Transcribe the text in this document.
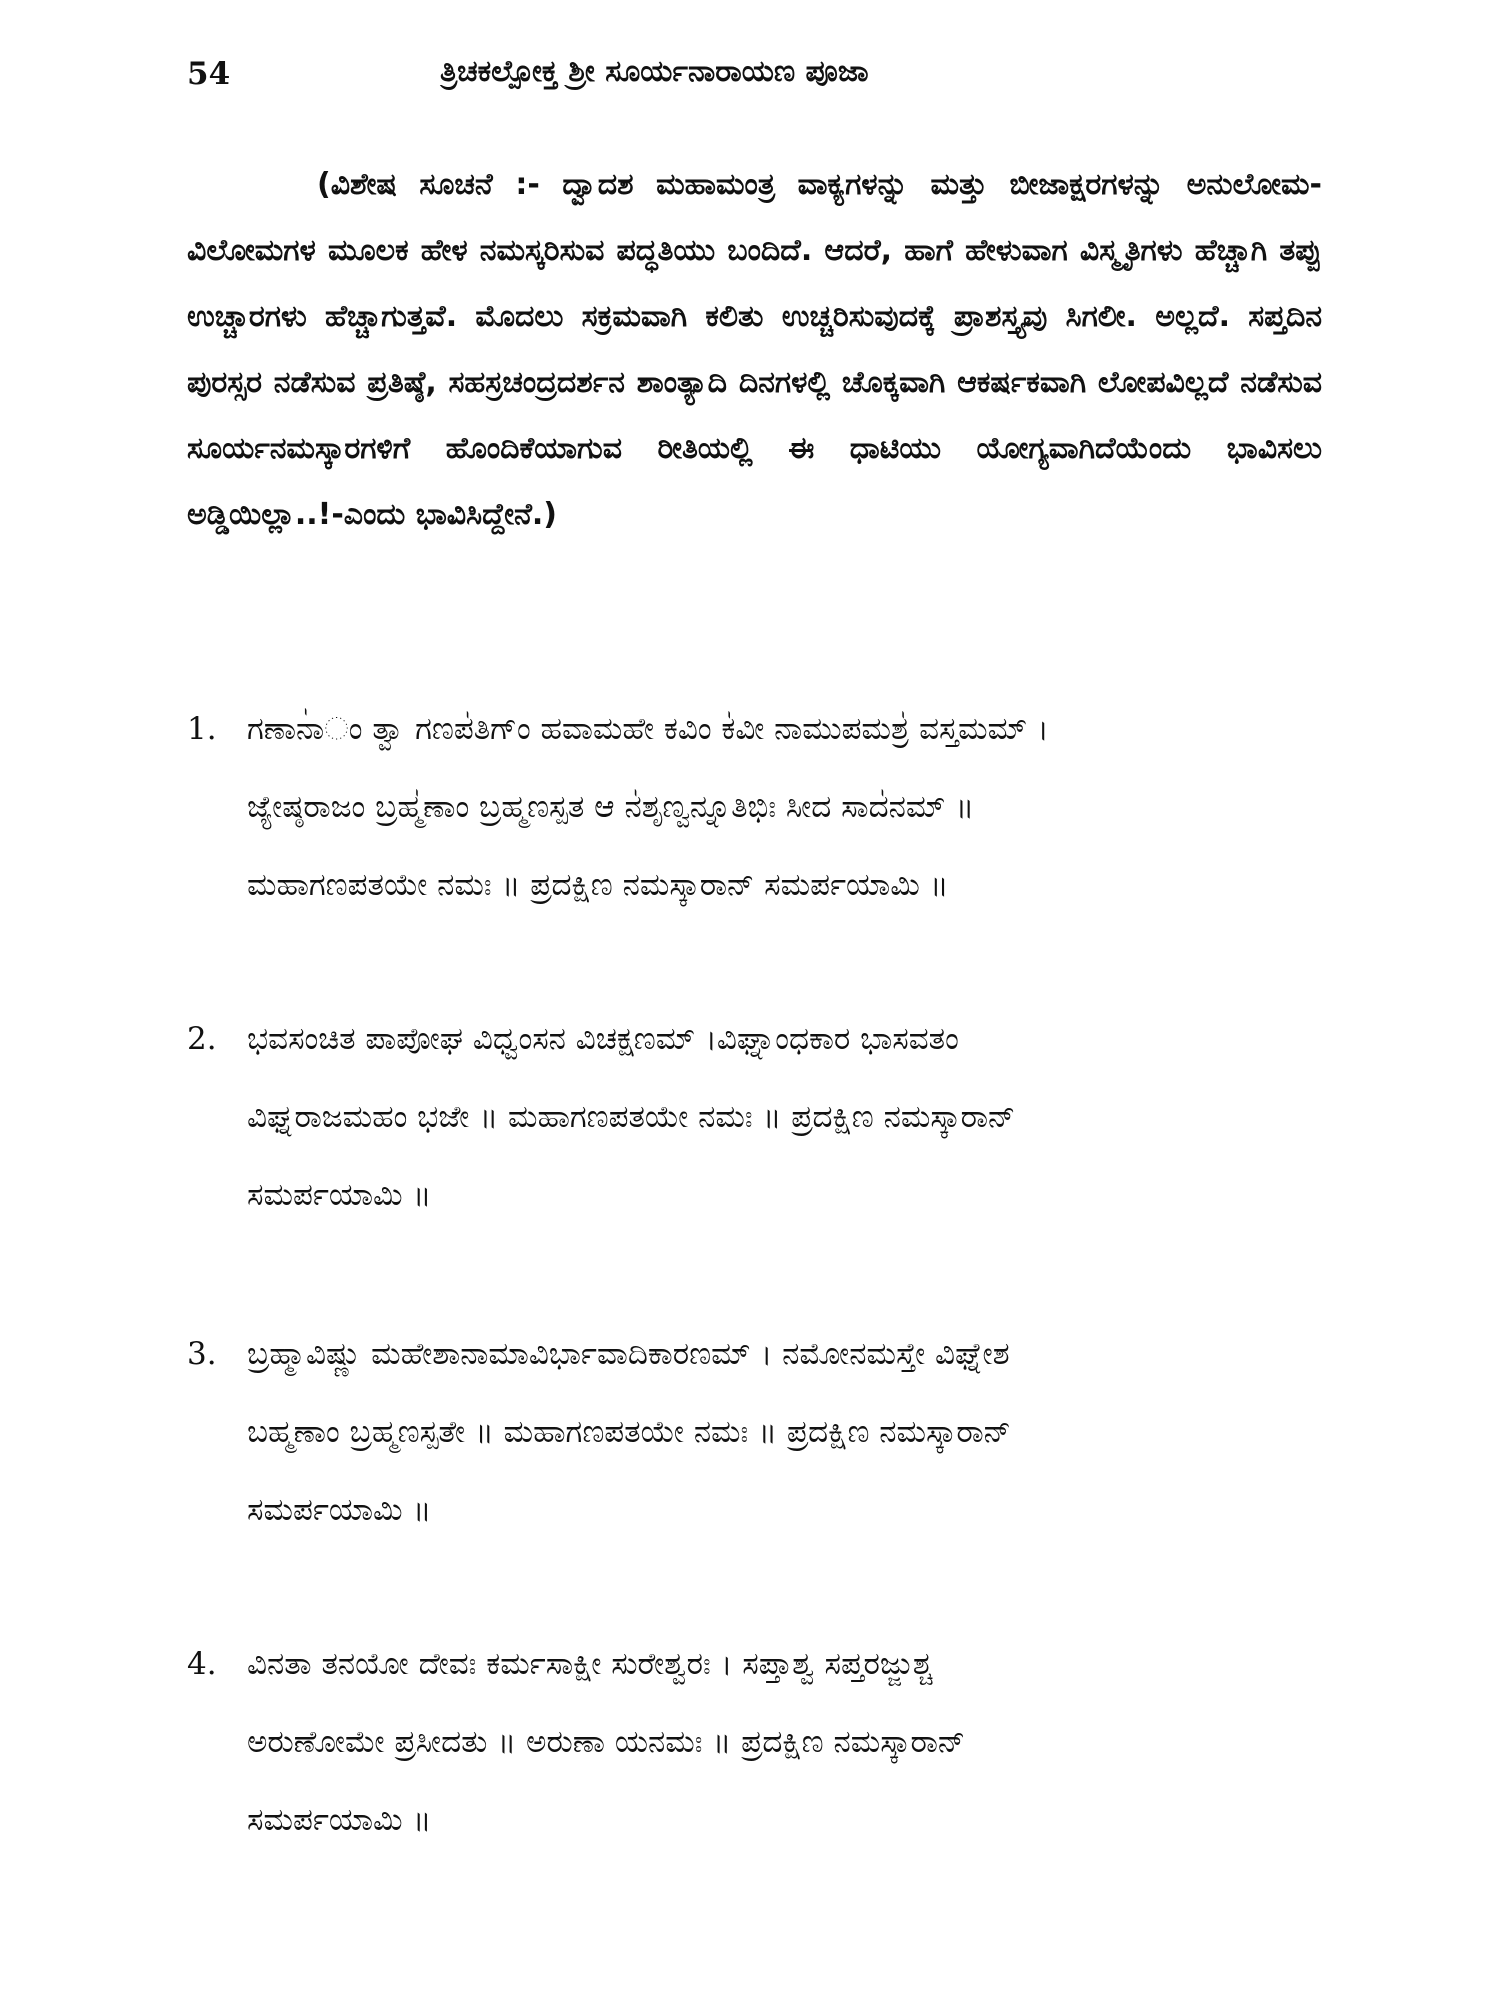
54	ತ್ರಿಚಕಲ್ಪೋಕ್ತ ಶ್ರೀ ಸೂರ್ಯನಾರಾಯಣ ಪೂಜಾ

(ವಿಶೇಷ ಸೂಚನೆ :- ದ್ವಾದಶ ಮಹಾಮಂತ್ರ ವಾಕ್ಯಗಳನ್ನು ಮತ್ತು ಬೀಜಾಕ್ಷರಗಳನ್ನು ಅನುಲೋಮ-ವಿಲೋಮಗಳ ಮೂಲಕ ಹೇಳ ನಮಸ್ಕರಿಸುವ ಪದ್ಧತಿಯು ಬಂದಿದೆ. ಆದರೆ, ಹಾಗೆ ಹೇಳುವಾಗ ವಿಸ್ಮೃತಿಗಳು ಹೆಚ್ಚಾಗಿ ತಪ್ಪು ಉಚ್ಚಾರಗಳು ಹೆಚ್ಚಾಗುತ್ತವೆ. ಮೊದಲು ಸಕ್ರಮವಾಗಿ ಕಲಿತು ಉಚ್ಚರಿಸುವುದಕ್ಕೆ ಪ್ರಾಶಸ್ತ್ಯವು ಸಿಗಲೀ. ಅಲ್ಲದೆ. ಸಪ್ತದಿನ ಪುರಸ್ಸರ ನಡೆಸುವ ಪ್ರತಿಷ್ಠೆ, ಸಹಸ್ರಚಂದ್ರದರ್ಶನ ಶಾಂತ್ಯಾದಿ ದಿನಗಳಲ್ಲಿ ಚೊಕ್ಕವಾಗಿ ಆಕರ್ಷಕವಾಗಿ ಲೋಪವಿಲ್ಲದೆ ನಡೆಸುವ ಸೂರ್ಯನಮಸ್ಕಾರಗಳಿಗೆ ಹೊಂದಿಕೆಯಾಗುವ ರೀತಿಯಲ್ಲಿ ಈ ಧಾಟಿಯು ಯೋಗ್ಯವಾಗಿದೆಯೆಂದು ಭಾವಿಸಲು ಅಡ್ಡಿಯಿಲ್ಲಾ..!-ಎಂದು ಭಾವಿಸಿದ್ದೇನೆ.)

1. ಗಣಾನಾ॑ಂ ತ್ವಾ ಗಣಪ॑ತಿಗ್ಂ ಹವಾಮಹೇ ಕವಿಂ ಕ॑ವೀ ನಾಮುಪಮಶ್ರ॑ ವಸ್ತಮಮ್ ।
ಜ್ಯೇಷ್ಠರಾಜಂ ಬ್ರಹ್ಮ॑ಣಾಂ ಬ್ರಹ್ಮಣಸ್ಪತ ಆ ನ॑ಶೃಣ್ವನ್ನೂತಿಭಿಃ ಸೀದ ಸಾದ॑ನಮ್ ॥
ಮಹಾಗಣಪತಯೇ ನಮಃ ॥ ಪ್ರದಕ್ಷಿಣ ನಮಸ್ಕಾರಾನ್ ಸಮರ್ಪಯಾಮಿ ॥
2. ಭವಸಂಚಿತ ಪಾಪೋಘ ವಿಧ್ವಂಸನ ವಿಚಕ್ಷಣಮ್ ।ವಿಘ್ನಾಂಧಕಾರ ಭಾಸವತಂ
ವಿಘ್ನರಾಜಮಹಂ ಭಜೇ ॥ ಮಹಾಗಣಪತಯೇ ನಮಃ ॥ ಪ್ರದಕ್ಷಿಣ ನಮಸ್ಕಾರಾನ್
ಸಮರ್ಪಯಾಮಿ ॥
3. ಬ್ರಹ್ಮಾವಿಷ್ಣು ಮಹೇಶಾನಾಮಾವಿರ್ಭಾವಾದಿಕಾರಣಮ್ । ನಮೋನಮಸ್ತೇ ವಿಘ್ನೇಶ
ಬಹ್ಮಣಾಂ ಬ್ರಹ್ಮಣಸ್ಪತೇ ॥ ಮಹಾಗಣಪತಯೇ ನಮಃ ॥ ಪ್ರದಕ್ಷಿಣ ನಮಸ್ಕಾರಾನ್
ಸಮರ್ಪಯಾಮಿ ॥
4. ವಿನತಾ ತನಯೋ ದೇವಃ ಕರ್ಮಸಾಕ್ಷೀ ಸುರೇಶ್ವರಃ । ಸಪ್ತಾಶ್ವ ಸಪ್ತರಜ್ಜುಶ್ಚ
ಅರುಣೋಮೇ ಪ್ರಸೀದತು ॥ ಅರುಣಾ ಯನಮಃ ॥ ಪ್ರದಕ್ಷಿಣ ನಮಸ್ಕಾರಾನ್
ಸಮರ್ಪಯಾಮಿ ॥
